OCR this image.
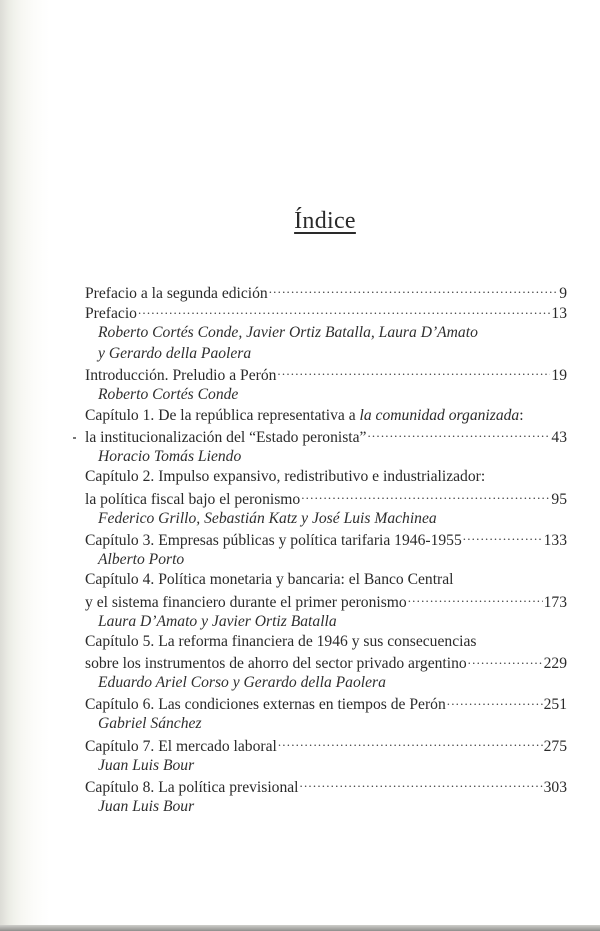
Índice
Prefacio a la segunda edición .....	9
Prefacio .....	13
Roberto Cortés Conde, Javier Ortiz Batalla, Laura D’Amato
y Gerardo della Paolera
Introducción. Preludio a Perón .....	19
Roberto Cortés Conde
Capítulo 1. De la república representativa a la comunidad organizada:
la institucionalización del “Estado peronista” .....	43
Horacio Tomás Liendo
Capítulo 2. Impulso expansivo, redistributivo e industrializador:
la política fiscal bajo el peronismo .....	95
Federico Grillo, Sebastián Katz y José Luis Machinea
Capítulo 3. Empresas públicas y política tarifaria 1946-1955 .....	133
Alberto Porto
Capítulo 4. Política monetaria y bancaria: el Banco Central
y el sistema financiero durante el primer peronismo .....	173
Laura D’Amato y Javier Ortiz Batalla
Capítulo 5. La reforma financiera de 1946 y sus consecuencias
sobre los instrumentos de ahorro del sector privado argentino .....	229
Eduardo Ariel Corso y Gerardo della Paolera
Capítulo 6. Las condiciones externas en tiempos de Perón .....	251
Gabriel Sánchez
Capítulo 7. El mercado laboral .....	275
Juan Luis Bour
Capítulo 8. La política previsional .....	303
Juan Luis Bour
